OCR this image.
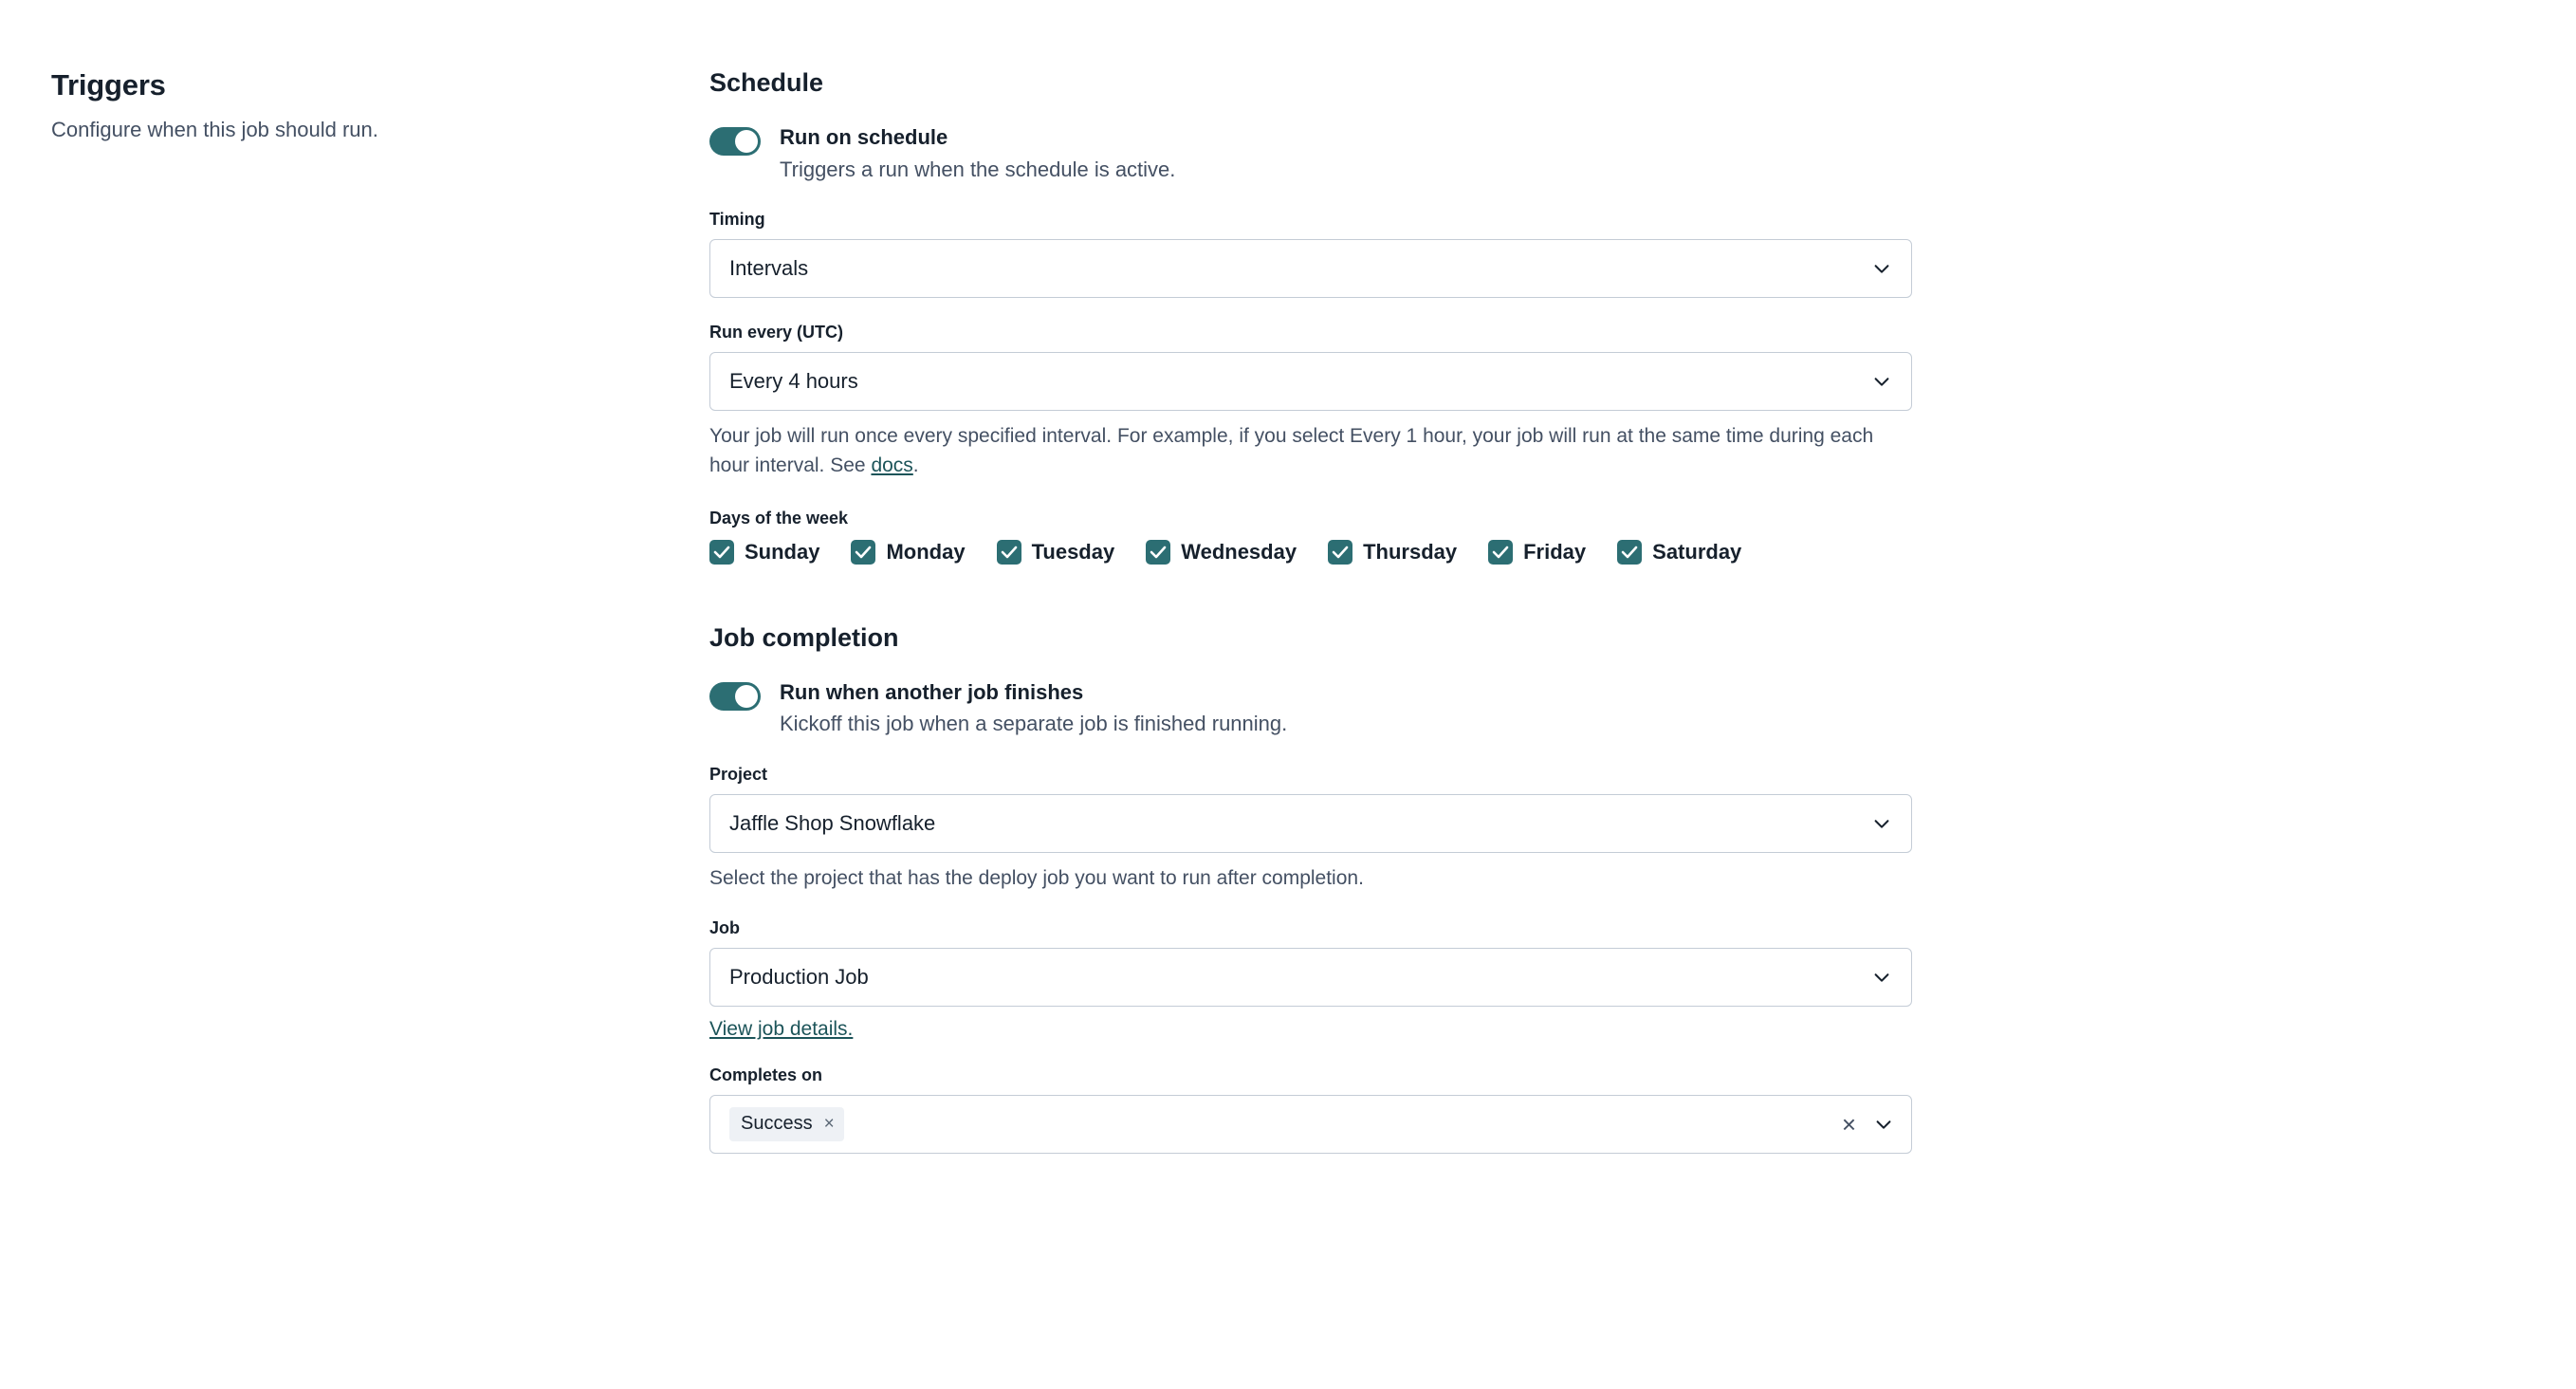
Triggers

Configure when this job should run.

Schedule

Run on schedule

Triggers a run when the schedule is active.

Timing

Intervals

Run every (UTC)

Every 4 hours

Your job will run once every specified interval. For example, if you select Every 1 hour, your job will run at the same time during each hour interval. See docs.

Days of the week

Sunday	Monday	Tuesday	Wednesday	Thursday	Friday	Saturday
Job completion

Run when another job finishes

Kickoff this job when a separate job is finished running.

Project

Jaffle Shop Snowflake

Select the project that has the deploy job you want to run after completion.

Job

Production Job
View job details.

Completes on

Success ×	×
